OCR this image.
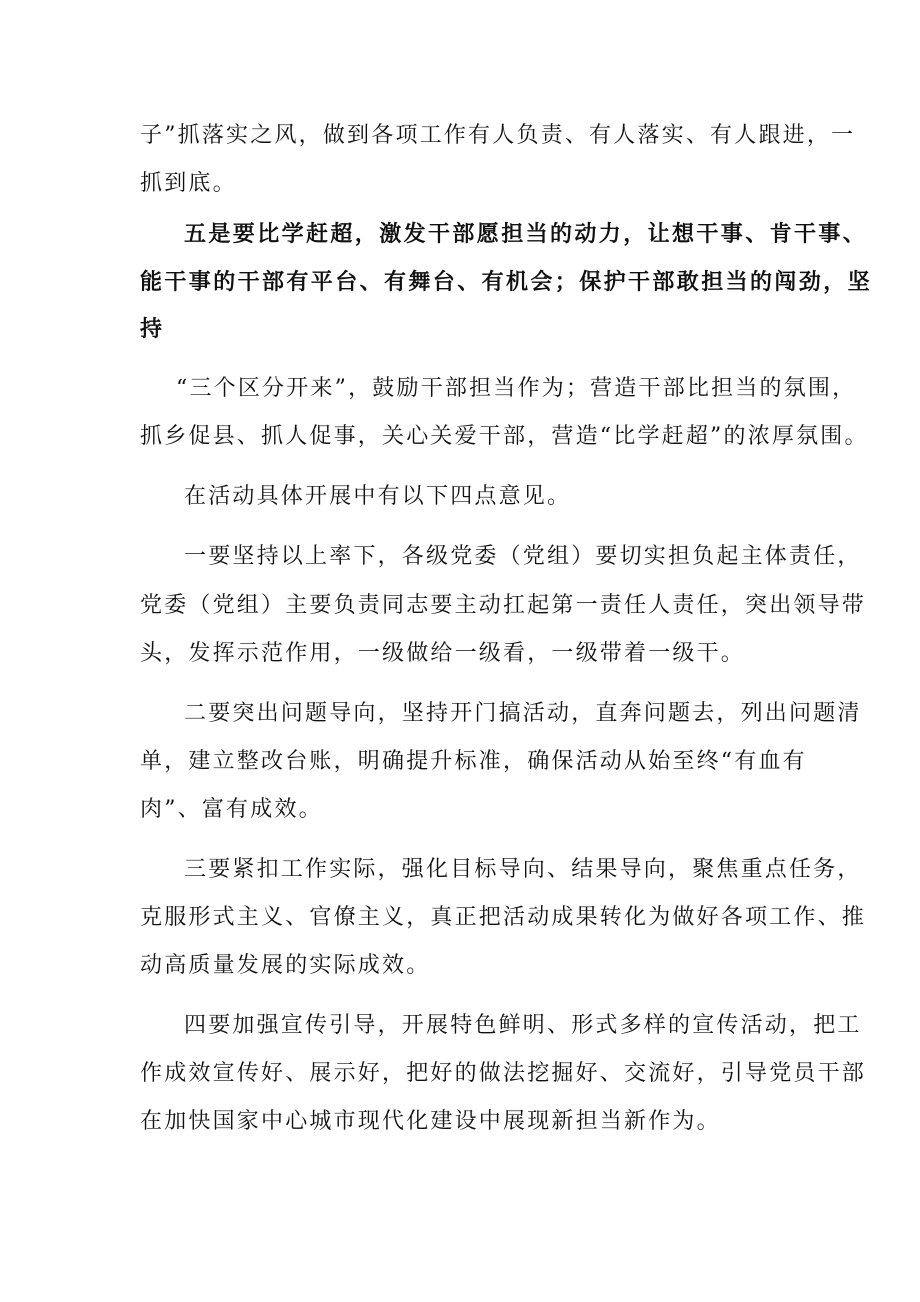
子”抓落实之风，做到各项工作有人负责、有人落实、有人跟进，一
抓到底。
五是要比学赶超，激发干部愿担当的动力，让想干事、肯干事、
能干事的干部有平台、有舞台、有机会；保护干部敢担当的闯劲，坚
持
“三个区分开来”，鼓励干部担当作为；营造干部比担当的氛围，
抓乡促县、抓人促事，关心关爱干部，营造“比学赶超”的浓厚氛围。
在活动具体开展中有以下四点意见。
一要坚持以上率下，各级党委（党组）要切实担负起主体责任，
党委（党组）主要负责同志要主动扛起第一责任人责任，突出领导带
头，发挥示范作用，一级做给一级看，一级带着一级干。
二要突出问题导向，坚持开门搞活动，直奔问题去，列出问题清
单，建立整改台账，明确提升标准，确保活动从始至终“有血有
肉”、富有成效。
三要紧扣工作实际，强化目标导向、结果导向，聚焦重点任务，
克服形式主义、官僚主义，真正把活动成果转化为做好各项工作、推
动高质量发展的实际成效。
四要加强宣传引导，开展特色鲜明、形式多样的宣传活动，把工
作成效宣传好、展示好，把好的做法挖掘好、交流好，引导党员干部
在加快国家中心城市现代化建设中展现新担当新作为。
